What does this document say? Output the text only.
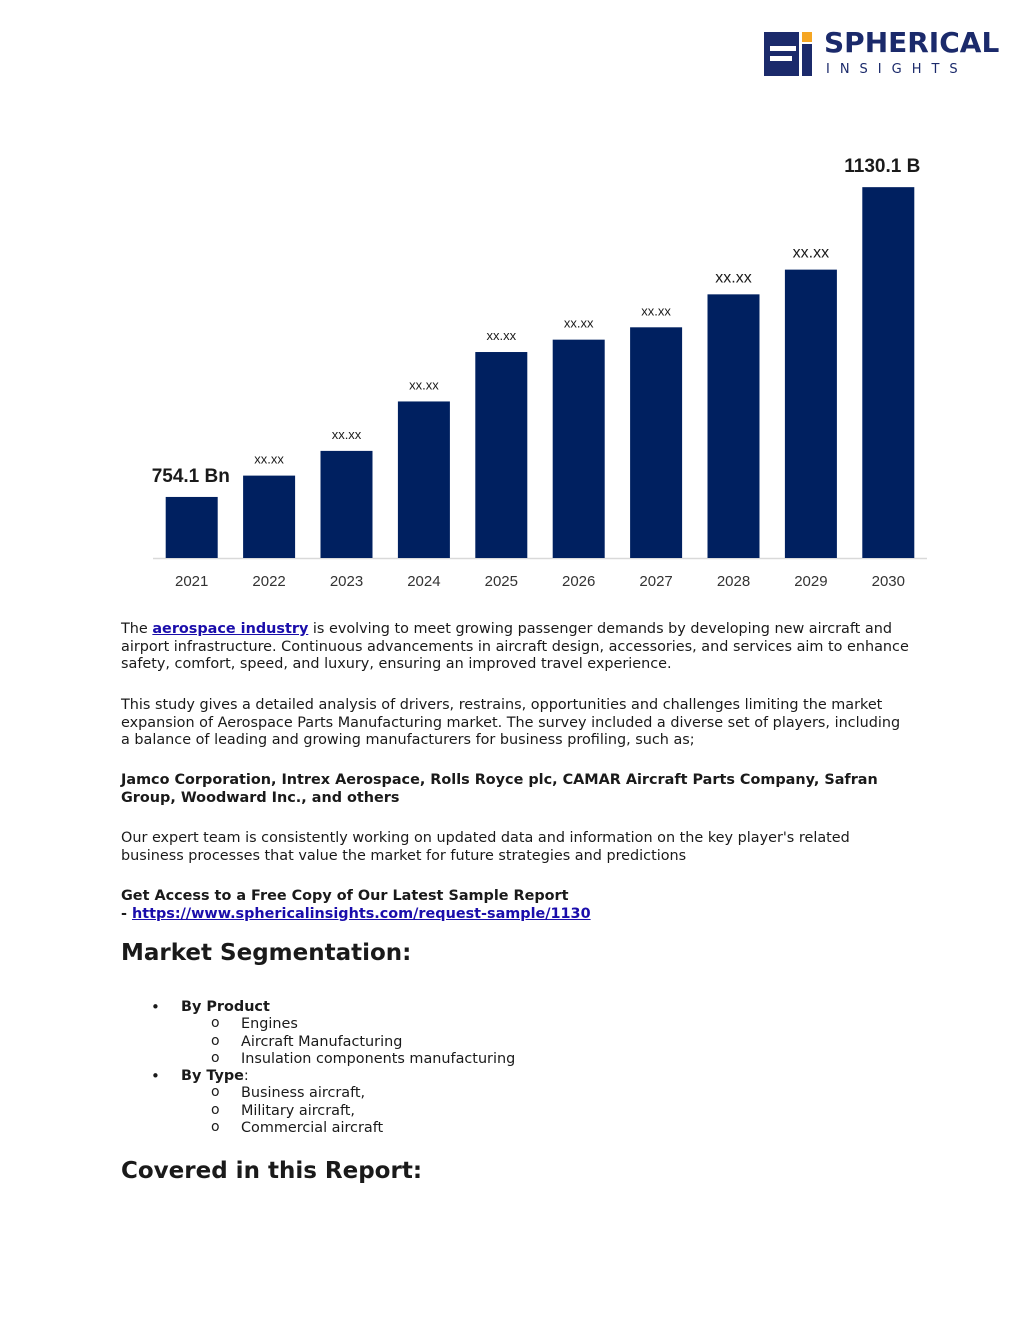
SPHERICAL
INSIGHTS
2021
754.1 Bn
2022
xx.xx
2023
xx.xx
2024
xx.xx
2025
xx.xx
2026
xx.xx
2027
xx.xx
2028
xx.xx
2029
xx.xx
2030
1130.1 B

The aerospace industry is evolving to meet growing passenger demands by developing new aircraft and airport infrastructure. Continuous advancements in aircraft design, accessories, and services aim to enhance safety, comfort, speed, and luxury, ensuring an improved travel experience.

This study gives a detailed analysis of drivers, restrains, opportunities and challenges limiting the market expansion of Aerospace Parts Manufacturing market. The survey included a diverse set of players, including a balance of leading and growing manufacturers for business profiling, such as;

Jamco Corporation, Intrex Aerospace, Rolls Royce plc, CAMAR Aircraft Parts Company, Safran Group, Woodward Inc., and others

Our expert team is consistently working on updated data and information on the key player's related business processes that value the market for future strategies and predictions

Get Access to a Free Copy of Our Latest Sample Report
- https://www.sphericalinsights.com/request-sample/1130

Market Segmentation:
• By Product
o Engines
o Aircraft Manufacturing
o Insulation components manufacturing
• By Type:
o Business aircraft,
o Military aircraft,
o Commercial aircraft
Covered in this Report:
